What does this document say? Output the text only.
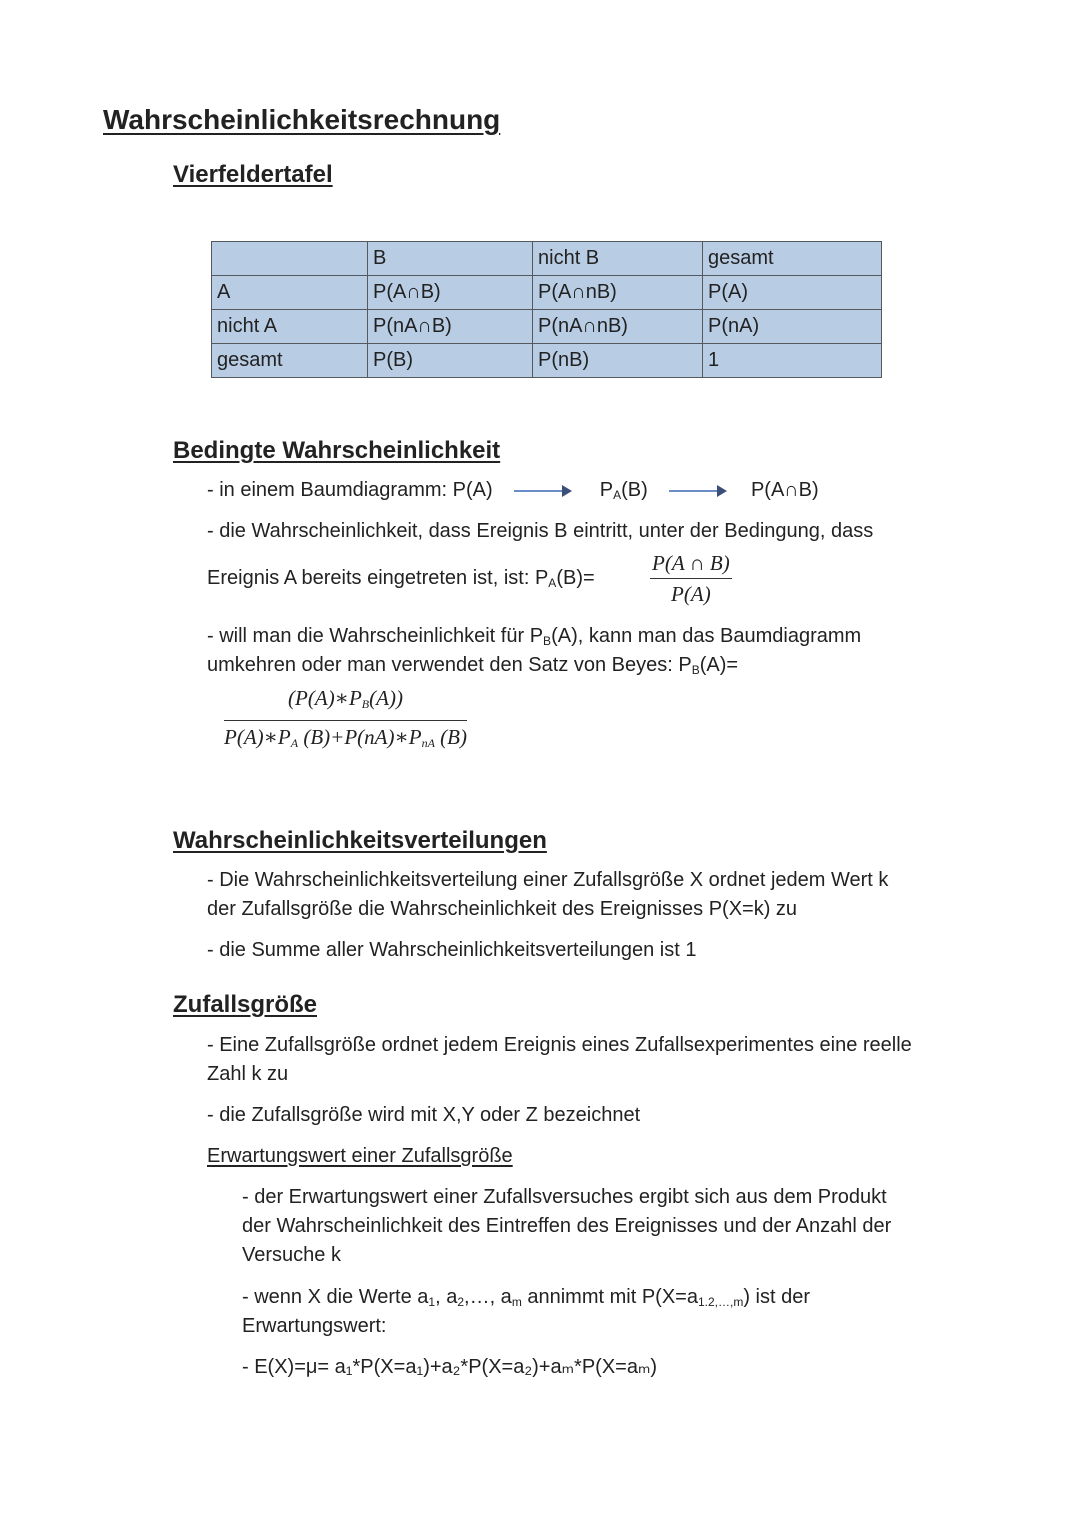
Wahrscheinlichkeitsrechnung
Vierfeldertafel
	B	nicht B	gesamt
A	P(A∩B)	P(A∩nB)	P(A)
nicht A	P(nA∩B)	P(nA∩nB)	P(nA)
gesamt	P(B)	P(nB)	1
Bedingte Wahrscheinlichkeit
- in einem Baumdiagramm: P(A)	$P_A(B)$	P(A∩B)
- die Wahrscheinlichkeit, dass Ereignis B eintritt, unter der Bedingung, dass
Ereignis A bereits eingetreten ist, ist: $P_A(B)=$	$\frac{P(A \cap B)}{P(A)}$
- will man die Wahrscheinlichkeit für $P_B(A)$, kann man das Baumdiagramm
umkehren oder man verwendet den Satz von Beyes: $P_B(A)=$
$(P(A)∗P_B(A))$
$P(A)∗P_A$ $(B)+P(nA)∗P_{nA}$ (B)
Wahrscheinlichkeitsverteilungen
- Die Wahrscheinlichkeitsverteilung einer Zufallsgröße X ordnet jedem Wert k
der Zufallsgröße die Wahrscheinlichkeit des Ereignisses P(X=k) zu
- die Summe aller Wahrscheinlichkeitsverteilungen ist 1
Zufallsgröße
- Eine Zufallsgröße ordnet jedem Ereignis eines Zufallsexperimentes eine reelle
Zahl k zu
- die Zufallsgröße wird mit X,Y oder Z bezeichnet
Erwartungswert einer Zufallsgröße
- der Erwartungswert einer Zufallsversuches ergibt sich aus dem Produkt
der Wahrscheinlichkeit des Eintreffen des Ereignisses und der Anzahl der
Versuche k
- wenn X die Werte $a_1$, $a_2,\dots$, $a_m$ annimmt mit $P(X=a_{1.2,\dots,m})$ ist der
Erwartungswert:
- E(X)=μ= a₁*P(X=a₁)+a₂*P(X=a₂)+aₘ*P(X=aₘ)
